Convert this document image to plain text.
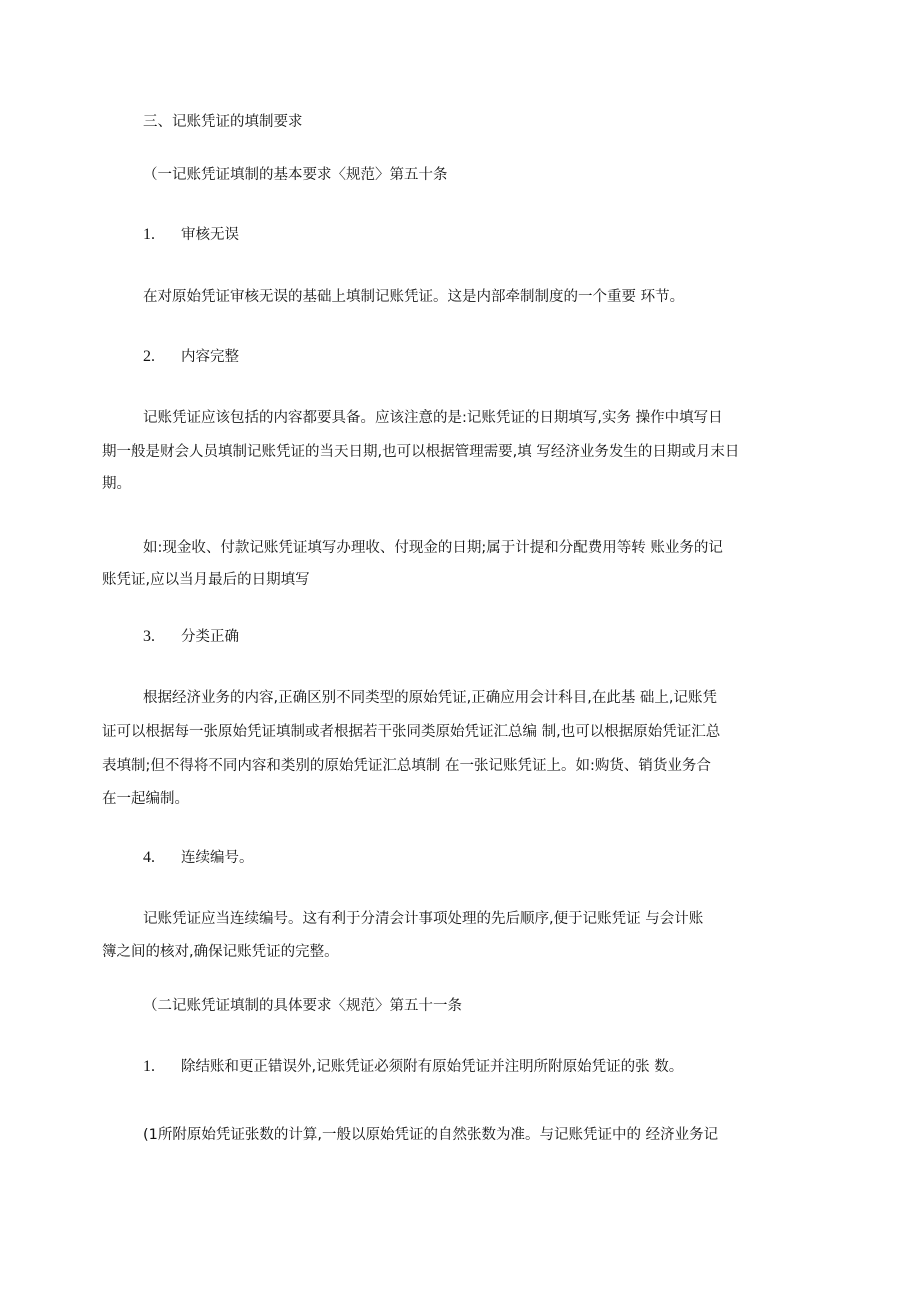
三、记账凭证的填制要求
（一记账凭证填制的基本要求〈规范〉第五十条
1. 审核无误
在对原始凭证审核无误的基础上填制记账凭证。这是内部牵制制度的一个重要 环节。
2. 内容完整
记账凭证应该包括的内容都要具备。应该注意的是:记账凭证的日期填写,实务 操作中填写日
期一般是财会人员填制记账凭证的当天日期,也可以根据管理需要,填 写经济业务发生的日期或月末日
期。
如:现金收、付款记账凭证填写办理收、付现金的日期;属于计提和分配费用等转 账业务的记
账凭证,应以当月最后的日期填写
3. 分类正确
根据经济业务的内容,正确区别不同类型的原始凭证,正确应用会计科目,在此基 础上,记账凭
证可以根据每一张原始凭证填制或者根据若干张同类原始凭证汇总编 制,也可以根据原始凭证汇总
表填制;但不得将不同内容和类别的原始凭证汇总填制 在一张记账凭证上。如:购货、销货业务合
在一起编制。
4. 连续编号。
记账凭证应当连续编号。这有利于分清会计事项处理的先后顺序,便于记账凭证 与会计账
簿之间的核对,确保记账凭证的完整。
（二记账凭证填制的具体要求〈规范〉第五十一条
1. 除结账和更正错误外,记账凭证必须附有原始凭证并注明所附原始凭证的张 数。
(1所附原始凭证张数的计算,一般以原始凭证的自然张数为准。与记账凭证中的 经济业务记
